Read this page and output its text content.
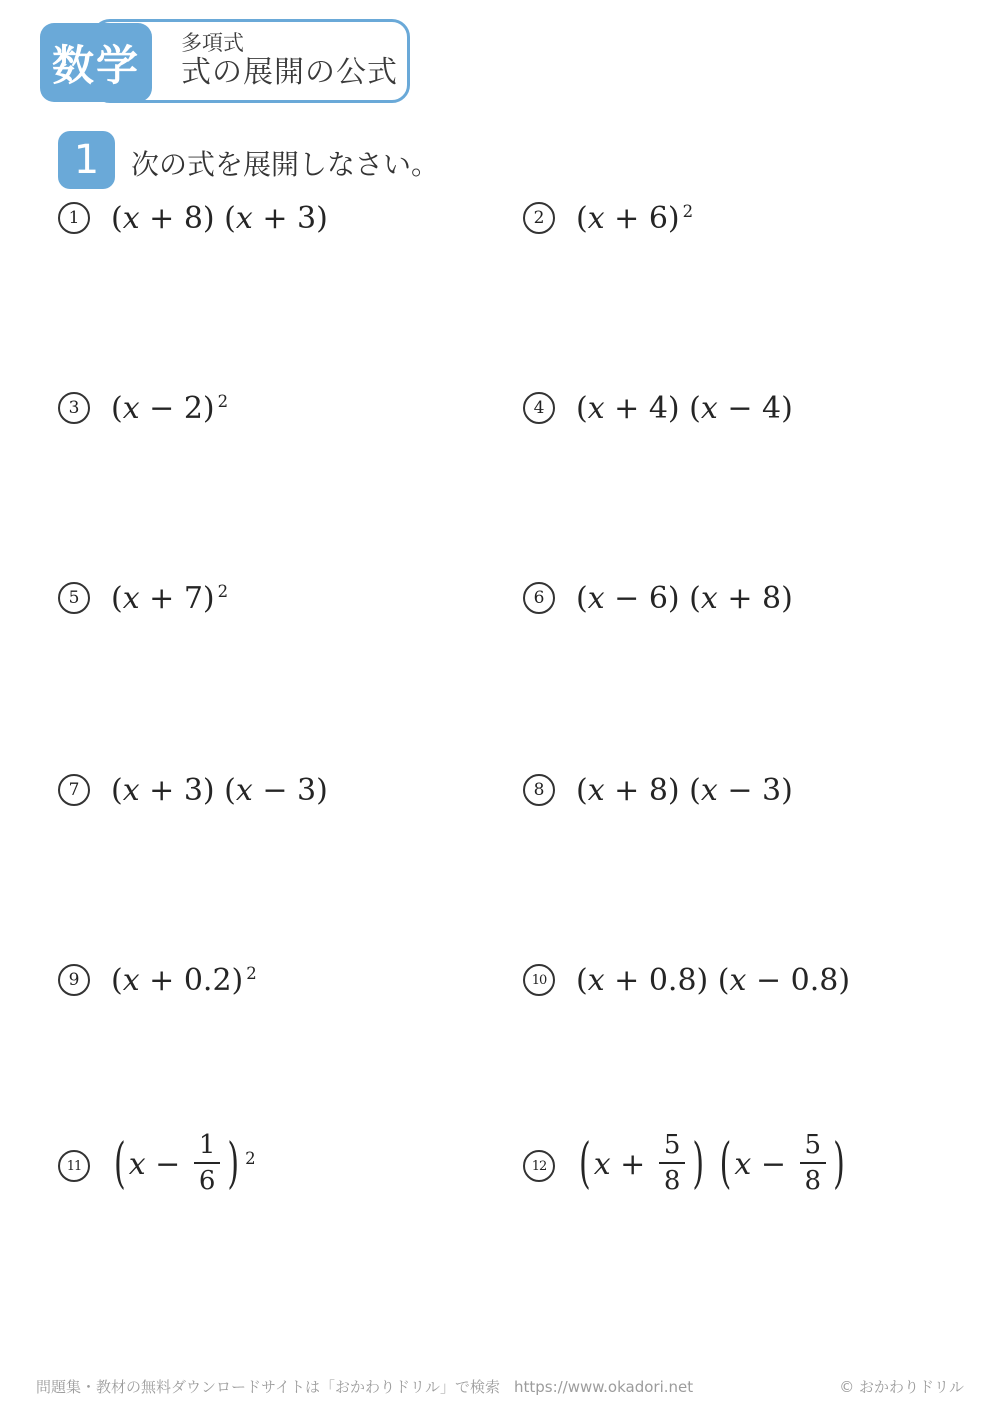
多項式
式の展開の公式
数学
1	次の式を展開しなさい。
1 (x + 8) (x + 3)	2 (x + 6) $^2$
3 (x − 2) $^2$	4 (x + 4) (x − 4)
5 (x + 7) $^2$	6 (x − 6) (x + 8)
7 (x + 3) (x − 3)	8 (x + 8) (x − 3)
9 (x + 0.2) $^2$	10 (x + 0.8) (x − 0.8)
11 ( $x - \frac{1}{6}$ ) $^2$	12 ( $x + \frac{5}{8}$ ) ( $x - \frac{5}{8}$ )
問題集・教材の無料ダウンロードサイトは「おかわりドリル」で検索 https://www.okadori.net	© おかわりドリル
